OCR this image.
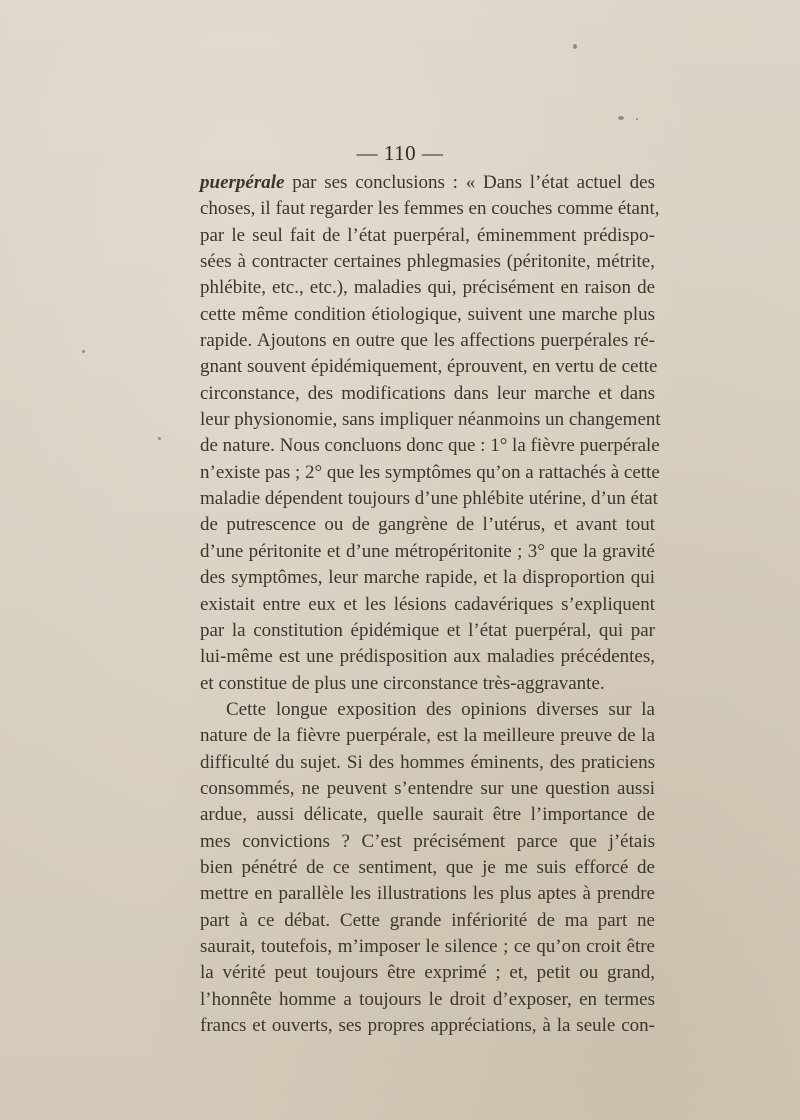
— 110 —
puerpérale par ses conclusions : « Dans l’état actuel des
choses, il faut regarder les femmes en couches comme étant,
par le seul fait de l’état puerpéral, éminemment prédispo-
sées à contracter certaines phlegmasies (péritonite, métrite,
phlébite, etc., etc.), maladies qui, précisément en raison de
cette même condition étiologique, suivent une marche plus
rapide. Ajoutons en outre que les affections puerpérales ré-
gnant souvent épidémiquement, éprouvent, en vertu de cette
circonstance, des modifications dans leur marche et dans
leur physionomie, sans impliquer néanmoins un changement
de nature. Nous concluons donc que : 1° la fièvre puerpérale
n’existe pas ; 2° que les symptômes qu’on a rattachés à cette
maladie dépendent toujours d’une phlébite utérine, d’un état
de putrescence ou de gangrène de l’utérus, et avant tout
d’une péritonite et d’une métropéritonite ; 3° que la gravité
des symptômes, leur marche rapide, et la disproportion qui
existait entre eux et les lésions cadavériques s’expliquent
par la constitution épidémique et l’état puerpéral, qui par
lui-même est une prédisposition aux maladies précédentes,
et constitue de plus une circonstance très-aggravante.
Cette longue exposition des opinions diverses sur la
nature de la fièvre puerpérale, est la meilleure preuve de la
difficulté du sujet. Si des hommes éminents, des praticiens
consommés, ne peuvent s’entendre sur une question aussi
ardue, aussi délicate, quelle saurait être l’importance de
mes convictions ? C’est précisément parce que j’étais
bien pénétré de ce sentiment, que je me suis efforcé de
mettre en parallèle les illustrations les plus aptes à prendre
part à ce débat. Cette grande infériorité de ma part ne
saurait, toutefois, m’imposer le silence ; ce qu’on croit être
la vérité peut toujours être exprimé ; et, petit ou grand,
l’honnête homme a toujours le droit d’exposer, en termes
francs et ouverts, ses propres appréciations, à la seule con-
